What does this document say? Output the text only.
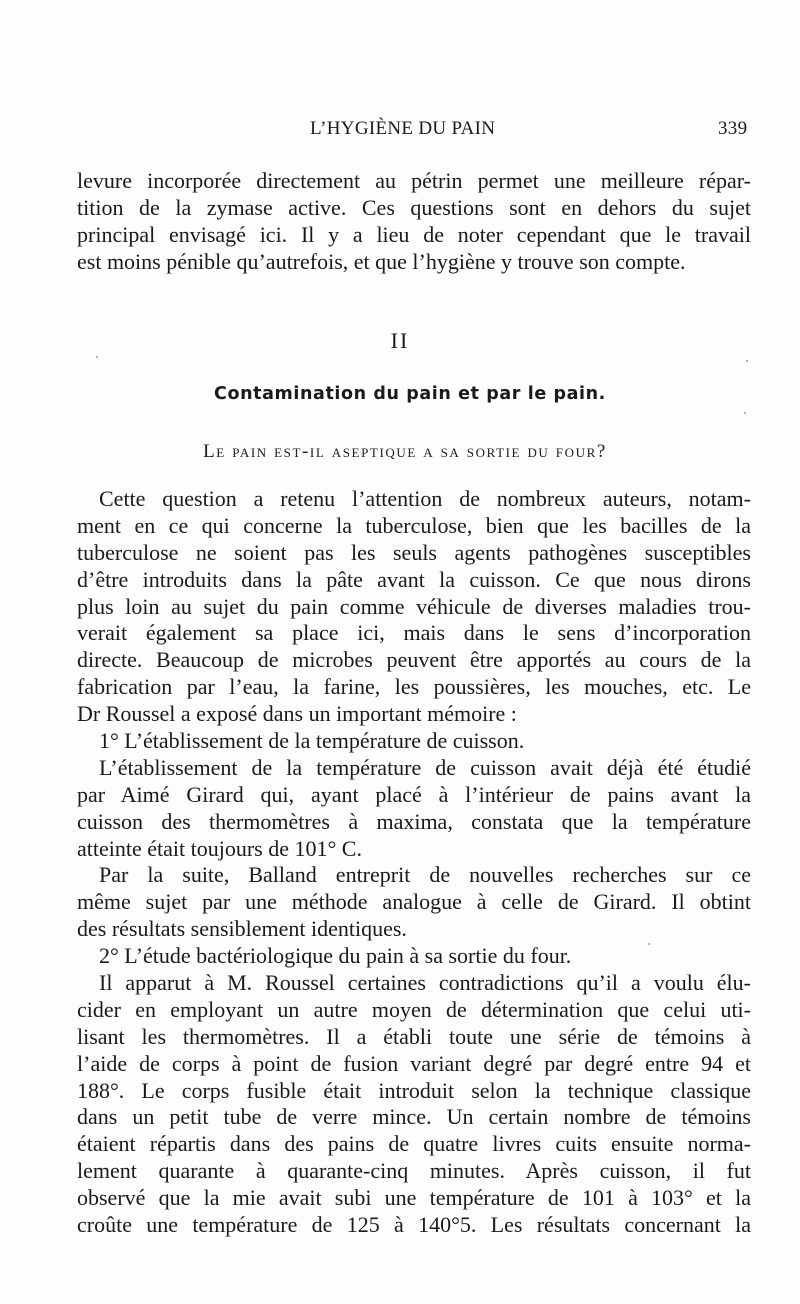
L’HYGIÈNE DU PAIN	339
levure incorporée directement au pétrin permet une meilleure répar-
tition de la zymase active. Ces questions sont en dehors du sujet
principal envisagé ici. Il y a lieu de noter cependant que le travail
est moins pénible qu’autrefois, et que l’hygiène y trouve son compte.
II
Contamination du pain et par le pain.
Le pain est-il aseptique a sa sortie du four?
Cette question a retenu l’attention de nombreux auteurs, notam-
ment en ce qui concerne la tuberculose, bien que les bacilles de la
tuberculose ne soient pas les seuls agents pathogènes susceptibles
d’être introduits dans la pâte avant la cuisson. Ce que nous dirons
plus loin au sujet du pain comme véhicule de diverses maladies trou-
verait également sa place ici, mais dans le sens d’incorporation
directe. Beaucoup de microbes peuvent être apportés au cours de la
fabrication par l’eau, la farine, les poussières, les mouches, etc. Le
Dr Roussel a exposé dans un important mémoire :
1° L’établissement de la température de cuisson.
L’établissement de la température de cuisson avait déjà été étudié
par Aimé Girard qui, ayant placé à l’intérieur de pains avant la
cuisson des thermomètres à maxima, constata que la température
atteinte était toujours de 101° C.
Par la suite, Balland entreprit de nouvelles recherches sur ce
même sujet par une méthode analogue à celle de Girard. Il obtint
des résultats sensiblement identiques.
2° L’étude bactériologique du pain à sa sortie du four.
Il apparut à M. Roussel certaines contradictions qu’il a voulu élu-
cider en employant un autre moyen de détermination que celui uti-
lisant les thermomètres. Il a établi toute une série de témoins à
l’aide de corps à point de fusion variant degré par degré entre 94 et
188°. Le corps fusible était introduit selon la technique classique
dans un petit tube de verre mince. Un certain nombre de témoins
étaient répartis dans des pains de quatre livres cuits ensuite norma-
lement quarante à quarante-cinq minutes. Après cuisson, il fut
observé que la mie avait subi une température de 101 à 103° et la
croûte une température de 125 à 140°5. Les résultats concernant la
